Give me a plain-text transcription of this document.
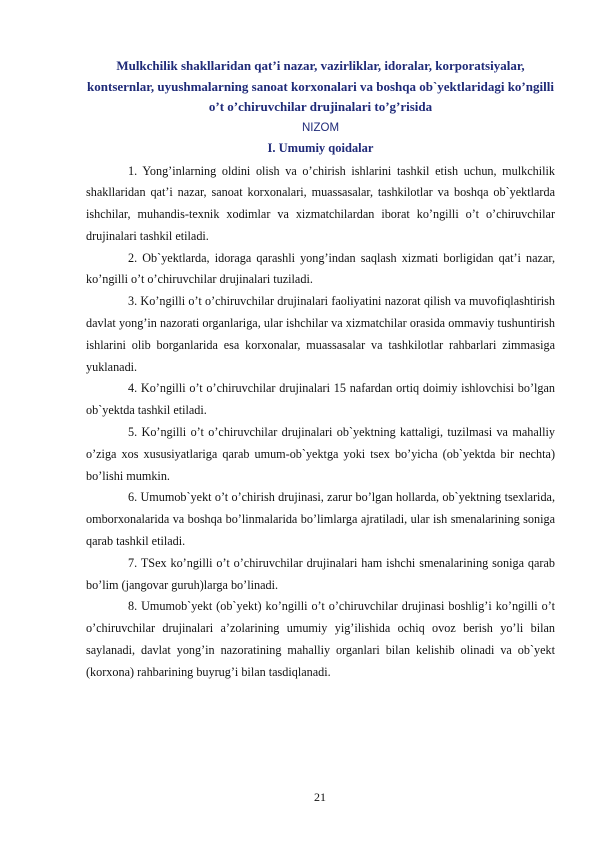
Mulkchilik shakllaridan qat’i nazar, vazirliklar, idoralar, korporatsiyalar, kontsernlar, uyushmalarning sanoat korxonalari va boshqa ob`yektlaridagi ko’ngilli o’t o’chiruvchilar drujinalari to’g’risida

NIZOM

I. Umumiy qoidalar

1. Yong’inlarning oldini olish va o’chirish ishlarini tashkil etish uchun, mulkchilik shakllaridan qat’i nazar, sanoat korxonalari, muassasalar, tashkilotlar va boshqa ob`yektlarda ishchilar, muhandis-texnik xodimlar va xizmatchilardan iborat ko’ngilli o’t o’chiruvchilar drujinalari tashkil etiladi.

2. Ob`yektlarda, idoraga qarashli yong’indan saqlash xizmati borligidan qat’i nazar, ko’ngilli o’t o’chiruvchilar drujinalari tuziladi.

3. Ko’ngilli o’t o’chiruvchilar drujinalari faoliyatini nazorat qilish va muvofiqlashtirish davlat yong’in nazorati organlariga, ular ishchilar va xizmatchilar orasida ommaviy tushuntirish ishlarini olib borganlarida esa korxonalar, muassasalar va tashkilotlar rahbarlari zimmasiga yuklanadi.

4. Ko’ngilli o’t o’chiruvchilar drujinalari 15 nafardan ortiq doimiy ishlovchisi bo’lgan ob`yektda tashkil etiladi.

5. Ko’ngilli o’t o’chiruvchilar drujinalari ob`yektning kattaligi, tuzilmasi va mahalliy o’ziga xos xususiyatlariga qarab umum-ob`yektga yoki tsex bo’yicha (ob`yektda bir nechta) bo’lishi mumkin.

6. Umumob`yekt o’t o’chirish drujinasi, zarur bo’lgan hollarda, ob`yektning tsexlarida, omborxonalarida va boshqa bo’linmalarida bo’limlarga ajratiladi, ular ish smenalarining soniga qarab tashkil etiladi.

7. TSex ko’ngilli o’t o’chiruvchilar drujinalari ham ishchi smenalarining soniga qarab bo’lim (jangovar guruh)larga bo’linadi.

8. Umumob`yekt (ob`yekt) ko’ngilli o’t o’chiruvchilar drujinasi boshlig’i ko’ngilli o’t o’chiruvchilar drujinalari a’zolarining umumiy yig’ilishida ochiq ovoz berish yo’li bilan saylanadi, davlat yong’in nazoratining mahalliy organlari bilan kelishib olinadi va ob`yekt (korxona) rahbarining buyrug’i bilan tasdiqlanadi.

21
